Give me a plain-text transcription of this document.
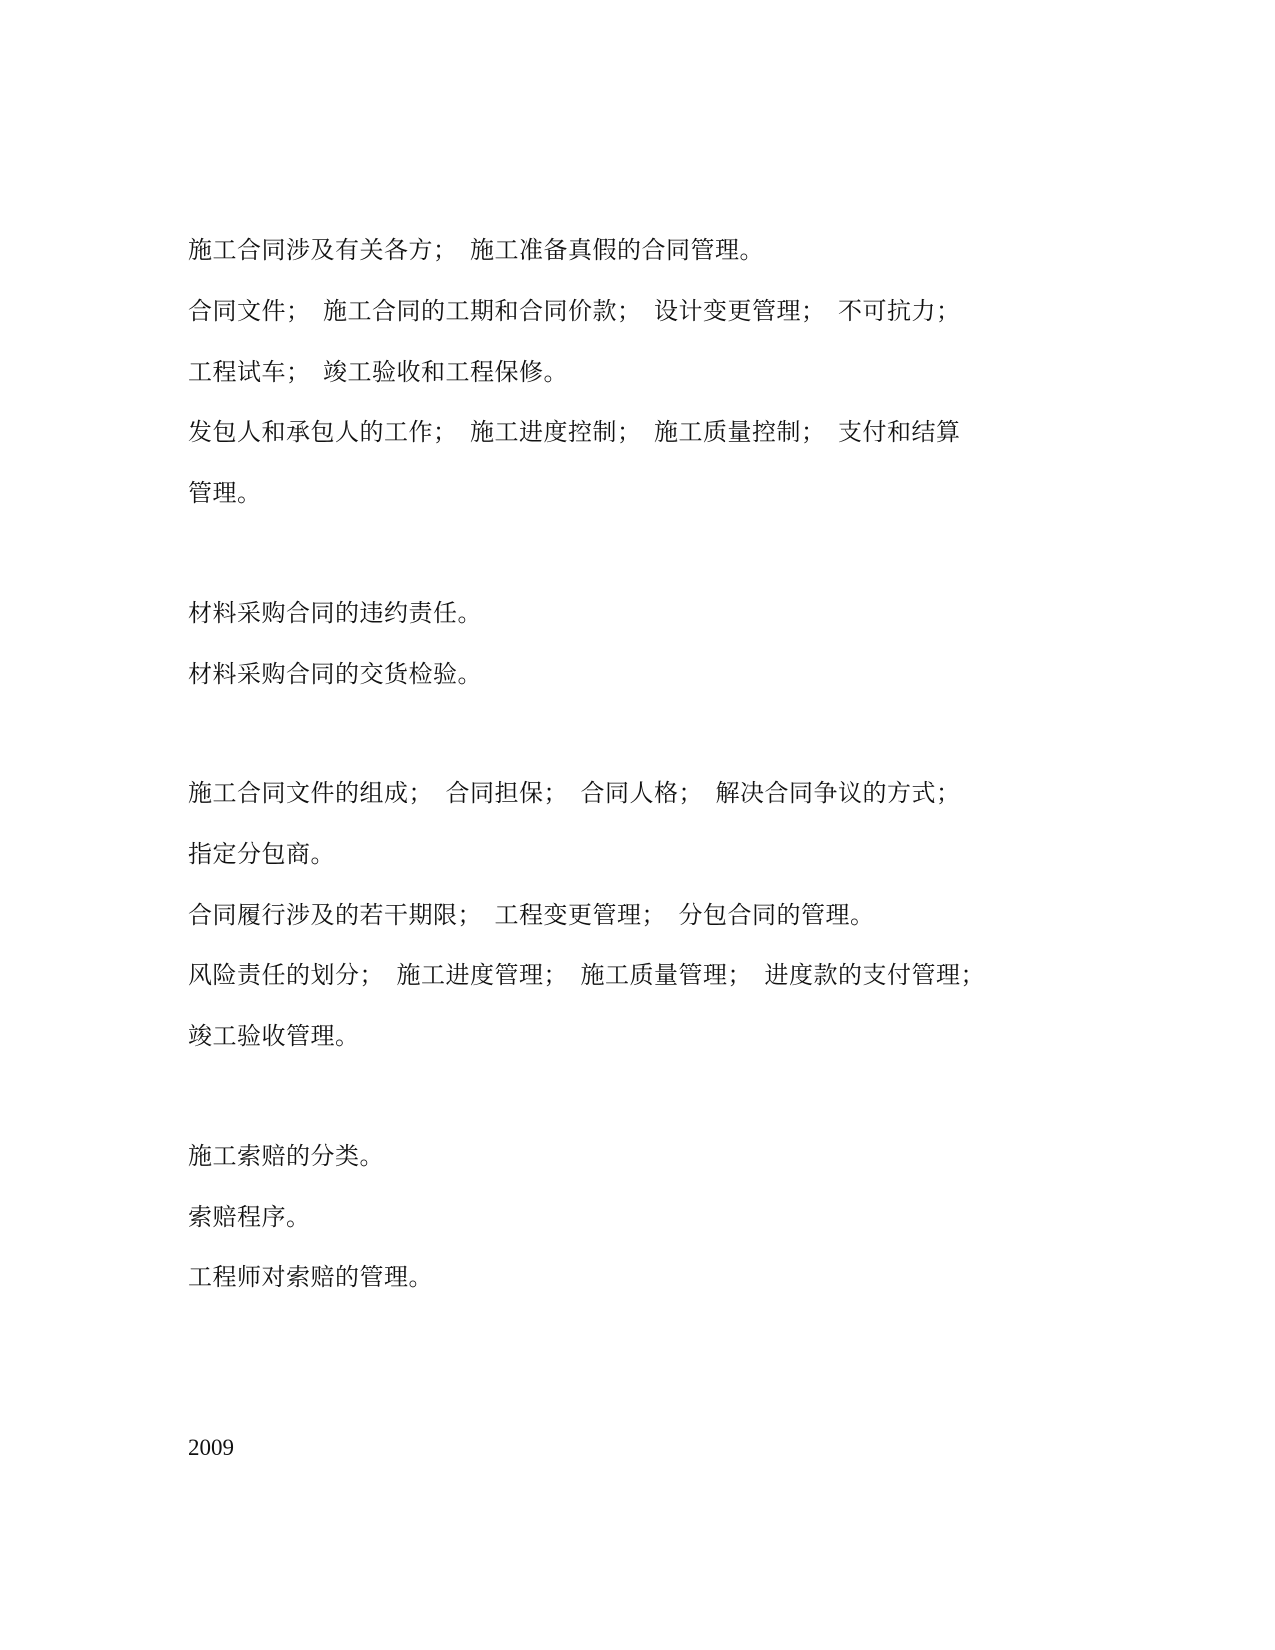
施工合同涉及有关各方；　施工准备真假的合同管理。
合同文件；　施工合同的工期和合同价款；　设计变更管理；　不可抗力；
工程试车；　竣工验收和工程保修。
发包人和承包人的工作；　施工进度控制；　施工质量控制；　支付和结算
管理。
材料采购合同的违约责任。
材料采购合同的交货检验。
施工合同文件的组成；　合同担保；　合同人格；　解决合同争议的方式；
指定分包商。
合同履行涉及的若干期限；　工程变更管理；　分包合同的管理。
风险责任的划分；　施工进度管理；　施工质量管理；　进度款的支付管理；
竣工验收管理。
施工索赔的分类。
索赔程序。
工程师对索赔的管理。
2009
